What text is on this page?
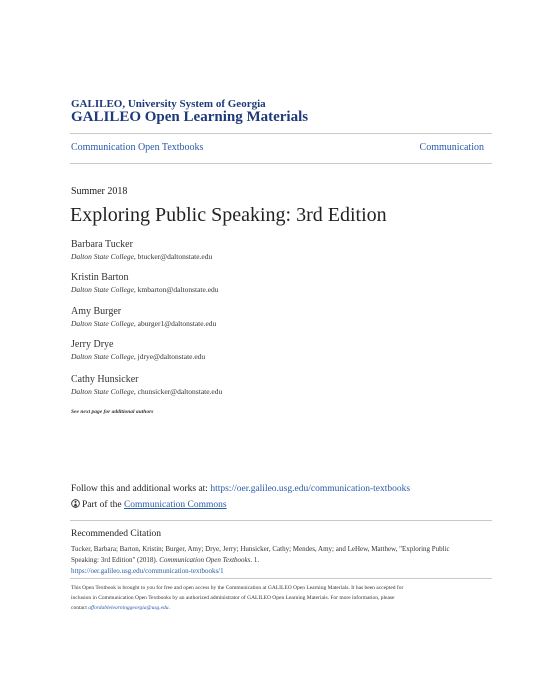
GALILEO, University System of Georgia
GALILEO Open Learning Materials
Communication Open Textbooks	Communication
Summer 2018
Exploring Public Speaking: 3rd Edition
Barbara Tucker
Dalton State College, btucker@daltonstate.edu
Kristin Barton
Dalton State College, kmbarton@daltonstate.edu
Amy Burger
Dalton State College, aburger1@daltonstate.edu
Jerry Drye
Dalton State College, jdrye@daltonstate.edu
Cathy Hunsicker
Dalton State College, chunsicker@daltonstate.edu
See next page for additional authors
Follow this and additional works at: https://oer.galileo.usg.edu/communication-textbooks
Part of the Communication Commons
Recommended Citation
Tucker, Barbara; Barton, Kristin; Burger, Amy; Drye, Jerry; Hunsicker, Cathy; Mendes, Amy; and LeHew, Matthew, "Exploring Public
Speaking: 3rd Edition" (2018). Communication Open Textbooks. 1.
https://oer.galileo.usg.edu/communication-textbooks/1
This Open Textbook is brought to you for free and open access by the Communication at GALILEO Open Learning Materials. It has been accepted for
inclusion in Communication Open Textbooks by an authorized administrator of GALILEO Open Learning Materials. For more information, please
contact affordablelearninggeorgia@usg.edu.
